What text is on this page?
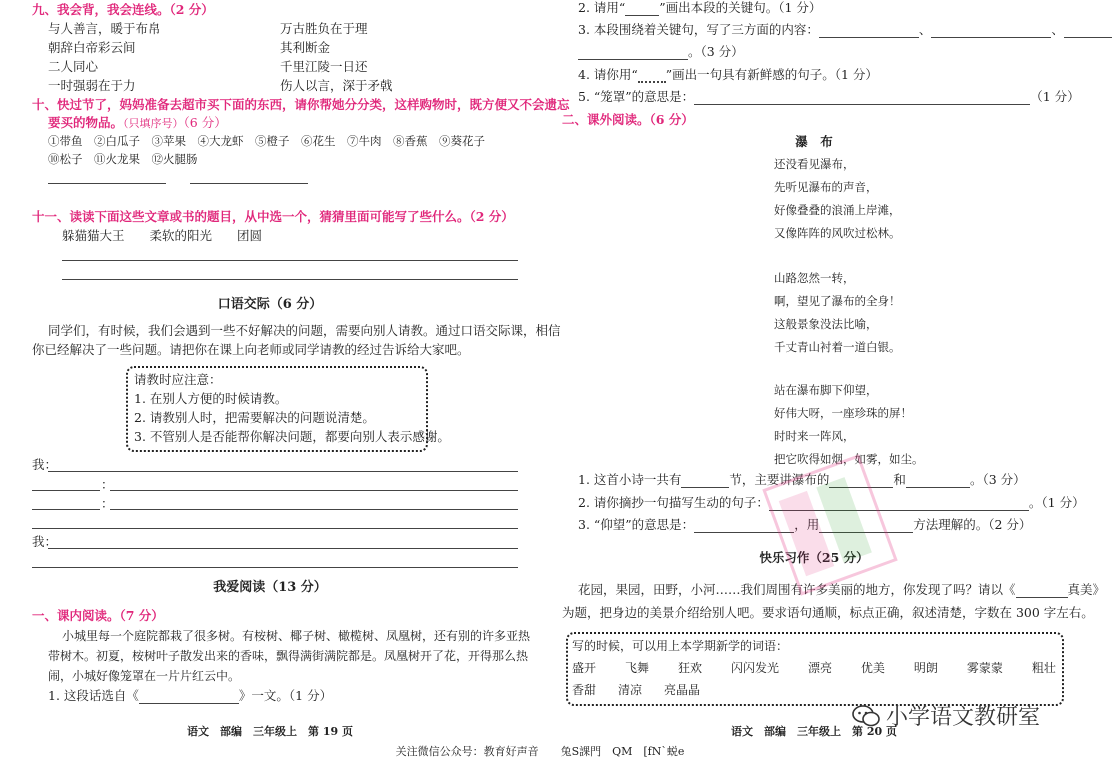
九、我会背，我会连线。（2 分）
与人善言，暖于布帛
朝辞白帝彩云间
二人同心
一时强弱在于力
万古胜负在于理
其利断金
千里江陵一日还
伤人以言，深于矛戟
十、快过节了，妈妈准备去超市买下面的东西，请你帮她分分类，这样购物时，既方便又不会遗忘
要买的物品。（只填序号）（6 分）
①带鱼　②白瓜子　③苹果　④大龙虾　⑤橙子　⑥花生　⑦牛肉　⑧香蕉　⑨葵花子
⑩松子　⑪火龙果　⑫火腿肠
十一、读读下面这些文章或书的题目，从中选一个，猜猜里面可能写了些什么。（2 分）
躲猫猫大王　　柔软的阳光　　团圆
口语交际（6 分）
同学们，有时候，我们会遇到一些不好解决的问题，需要向别人请教。通过口语交际课，相信
你已经解决了一些问题。请把你在课上向老师或同学请教的经过告诉给大家吧。
请教时应注意：
1. 在别人方便的时候请教。
2. 请教别人时，把需要解决的问题说清楚。
3. 不管别人是否能帮你解决问题，都要向别人表示感谢。
我：
：
：
我：
我爱阅读（13 分）
一、课内阅读。（7 分）
小城里每一个庭院都栽了很多树。有桉树、椰子树、橄榄树、凤凰树，还有别的许多亚热
带树木。初夏，桉树叶子散发出来的香味，飘得满街满院都是。凤凰树开了花，开得那么热
闹，小城好像笼罩在一片片红云中。
1. 这段话选自《	》一文。（1 分）
语文　部编　三年级上　第 19 页
2. 请用“	”画出本段的关键句。（1 分）
3. 本段围绕着关键句，写了三方面的内容：	、	、
。（3 分）
4. 请你用“ ”画出一句具有新鲜感的句子。（1 分）
5. “笼罩”的意思是：	（1 分）
二、课外阅读。（6 分）
瀑　布
还没看见瀑布，
先听见瀑布的声音，
好像叠叠的浪涌上岸滩，
又像阵阵的风吹过松林。
山路忽然一转，
啊，望见了瀑布的全身！
这般景象没法比喻，
千丈青山衬着一道白银。
站在瀑布脚下仰望，
好伟大呀，一座珍珠的屏！
时时来一阵风，
把它吹得如烟，如雾，如尘。
1. 这首小诗一共有	节，主要讲瀑布的	和	。（3 分）
2. 请你摘抄一句描写生动的句子：	。（1 分）
3. “仰望”的意思是：	，用	方法理解的。（2 分）
快乐习作（25 分）
花园，果园，田野，小河……我们周围有许多美丽的地方，你发现了吗？请以《	真美》
为题，把身边的美景介绍给别人吧。要求语句通顺，标点正确，叙述清楚，字数在 300 字左右。
写的时候，可以用上本学期新学的词语：
盛开 飞舞 狂欢 闪闪发光 漂亮 优美 明朗 雾蒙蒙 粗壮
香甜 清凉 亮晶晶
语文　部编　三年级上　第 20 页
关注微信公众号：教育好声音　　兔S課門　QM　[fN`蜕e
小学语文教研室
